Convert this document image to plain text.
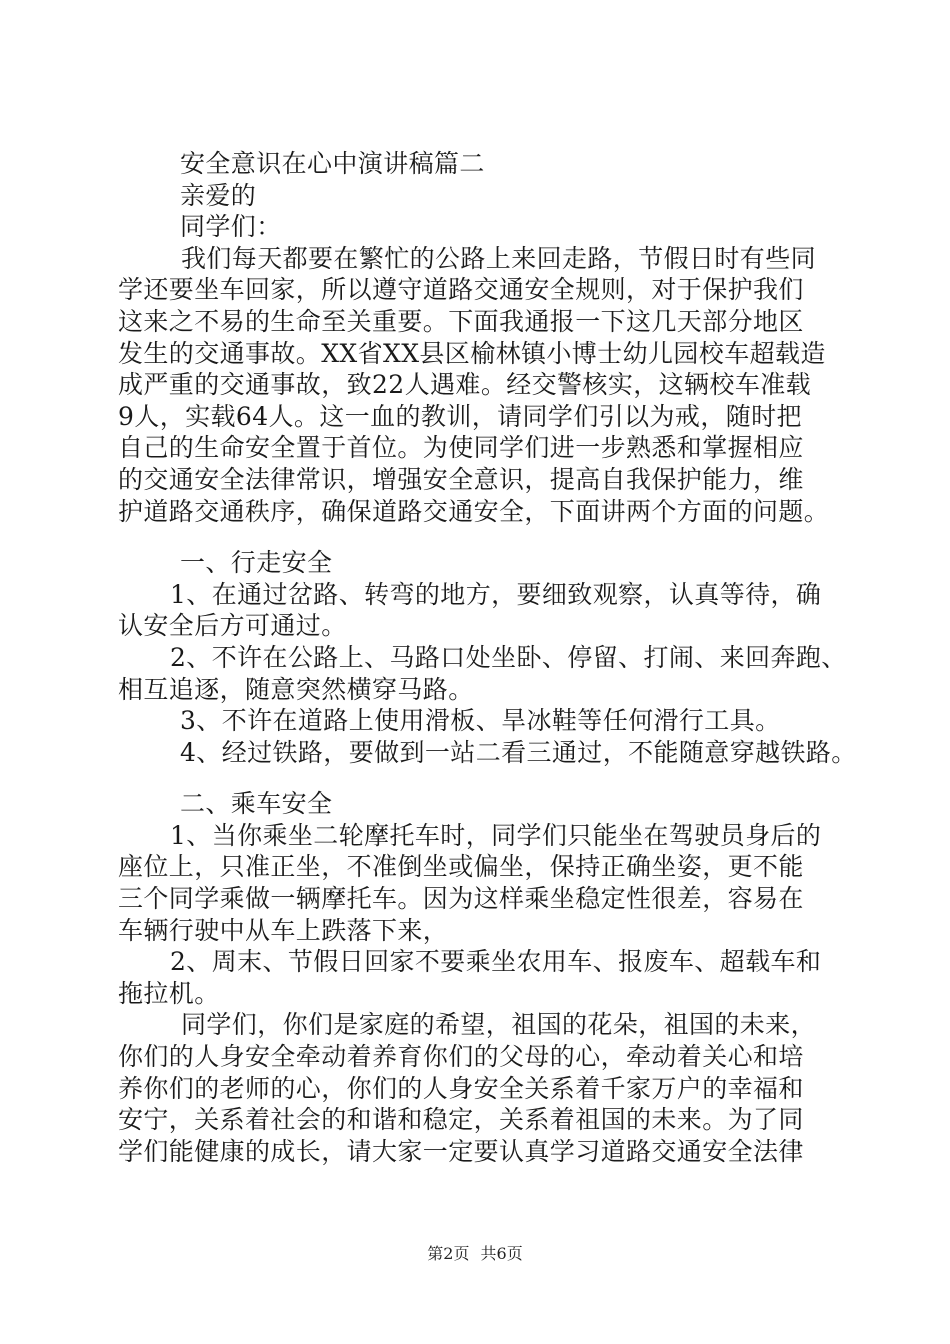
安全意识在心中演讲稿篇二
亲爱的
同学们：
我们每天都要在繁忙的公路上来回走路，节假日时有些同
学还要坐车回家，所以遵守道路交通安全规则，对于保护我们
这来之不易的生命至关重要。下面我通报一下这几天部分地区
发生的交通事故。XX省XX县区榆林镇小博士幼儿园校车超载造
成严重的交通事故，致22人遇难。经交警核实，这辆校车准载
9人，实载64人。这一血的教训，请同学们引以为戒，随时把
自己的生命安全置于首位。为使同学们进一步熟悉和掌握相应
的交通安全法律常识，增强安全意识，提高自我保护能力，维
护道路交通秩序，确保道路交通安全，下面讲两个方面的问题。
一、行走安全
1、在通过岔路、转弯的地方，要细致观察，认真等待，确
认安全后方可通过。
2、不许在公路上、马路口处坐卧、停留、打闹、来回奔跑、
相互追逐，随意突然横穿马路。
3、不许在道路上使用滑板、旱冰鞋等任何滑行工具。
4、经过铁路，要做到一站二看三通过，不能随意穿越铁路。
二、乘车安全
1、当你乘坐二轮摩托车时，同学们只能坐在驾驶员身后的
座位上，只准正坐，不准倒坐或偏坐，保持正确坐姿，更不能
三个同学乘做一辆摩托车。因为这样乘坐稳定性很差，容易在
车辆行驶中从车上跌落下来，
2、周末、节假日回家不要乘坐农用车、报废车、超载车和
拖拉机。
同学们，你们是家庭的希望，祖国的花朵，祖国的未来，
你们的人身安全牵动着养育你们的父母的心，牵动着关心和培
养你们的老师的心，你们的人身安全关系着千家万户的幸福和
安宁，关系着社会的和谐和稳定，关系着祖国的未来。为了同
学们能健康的成长，请大家一定要认真学习道路交通安全法律
第2页 共6页
